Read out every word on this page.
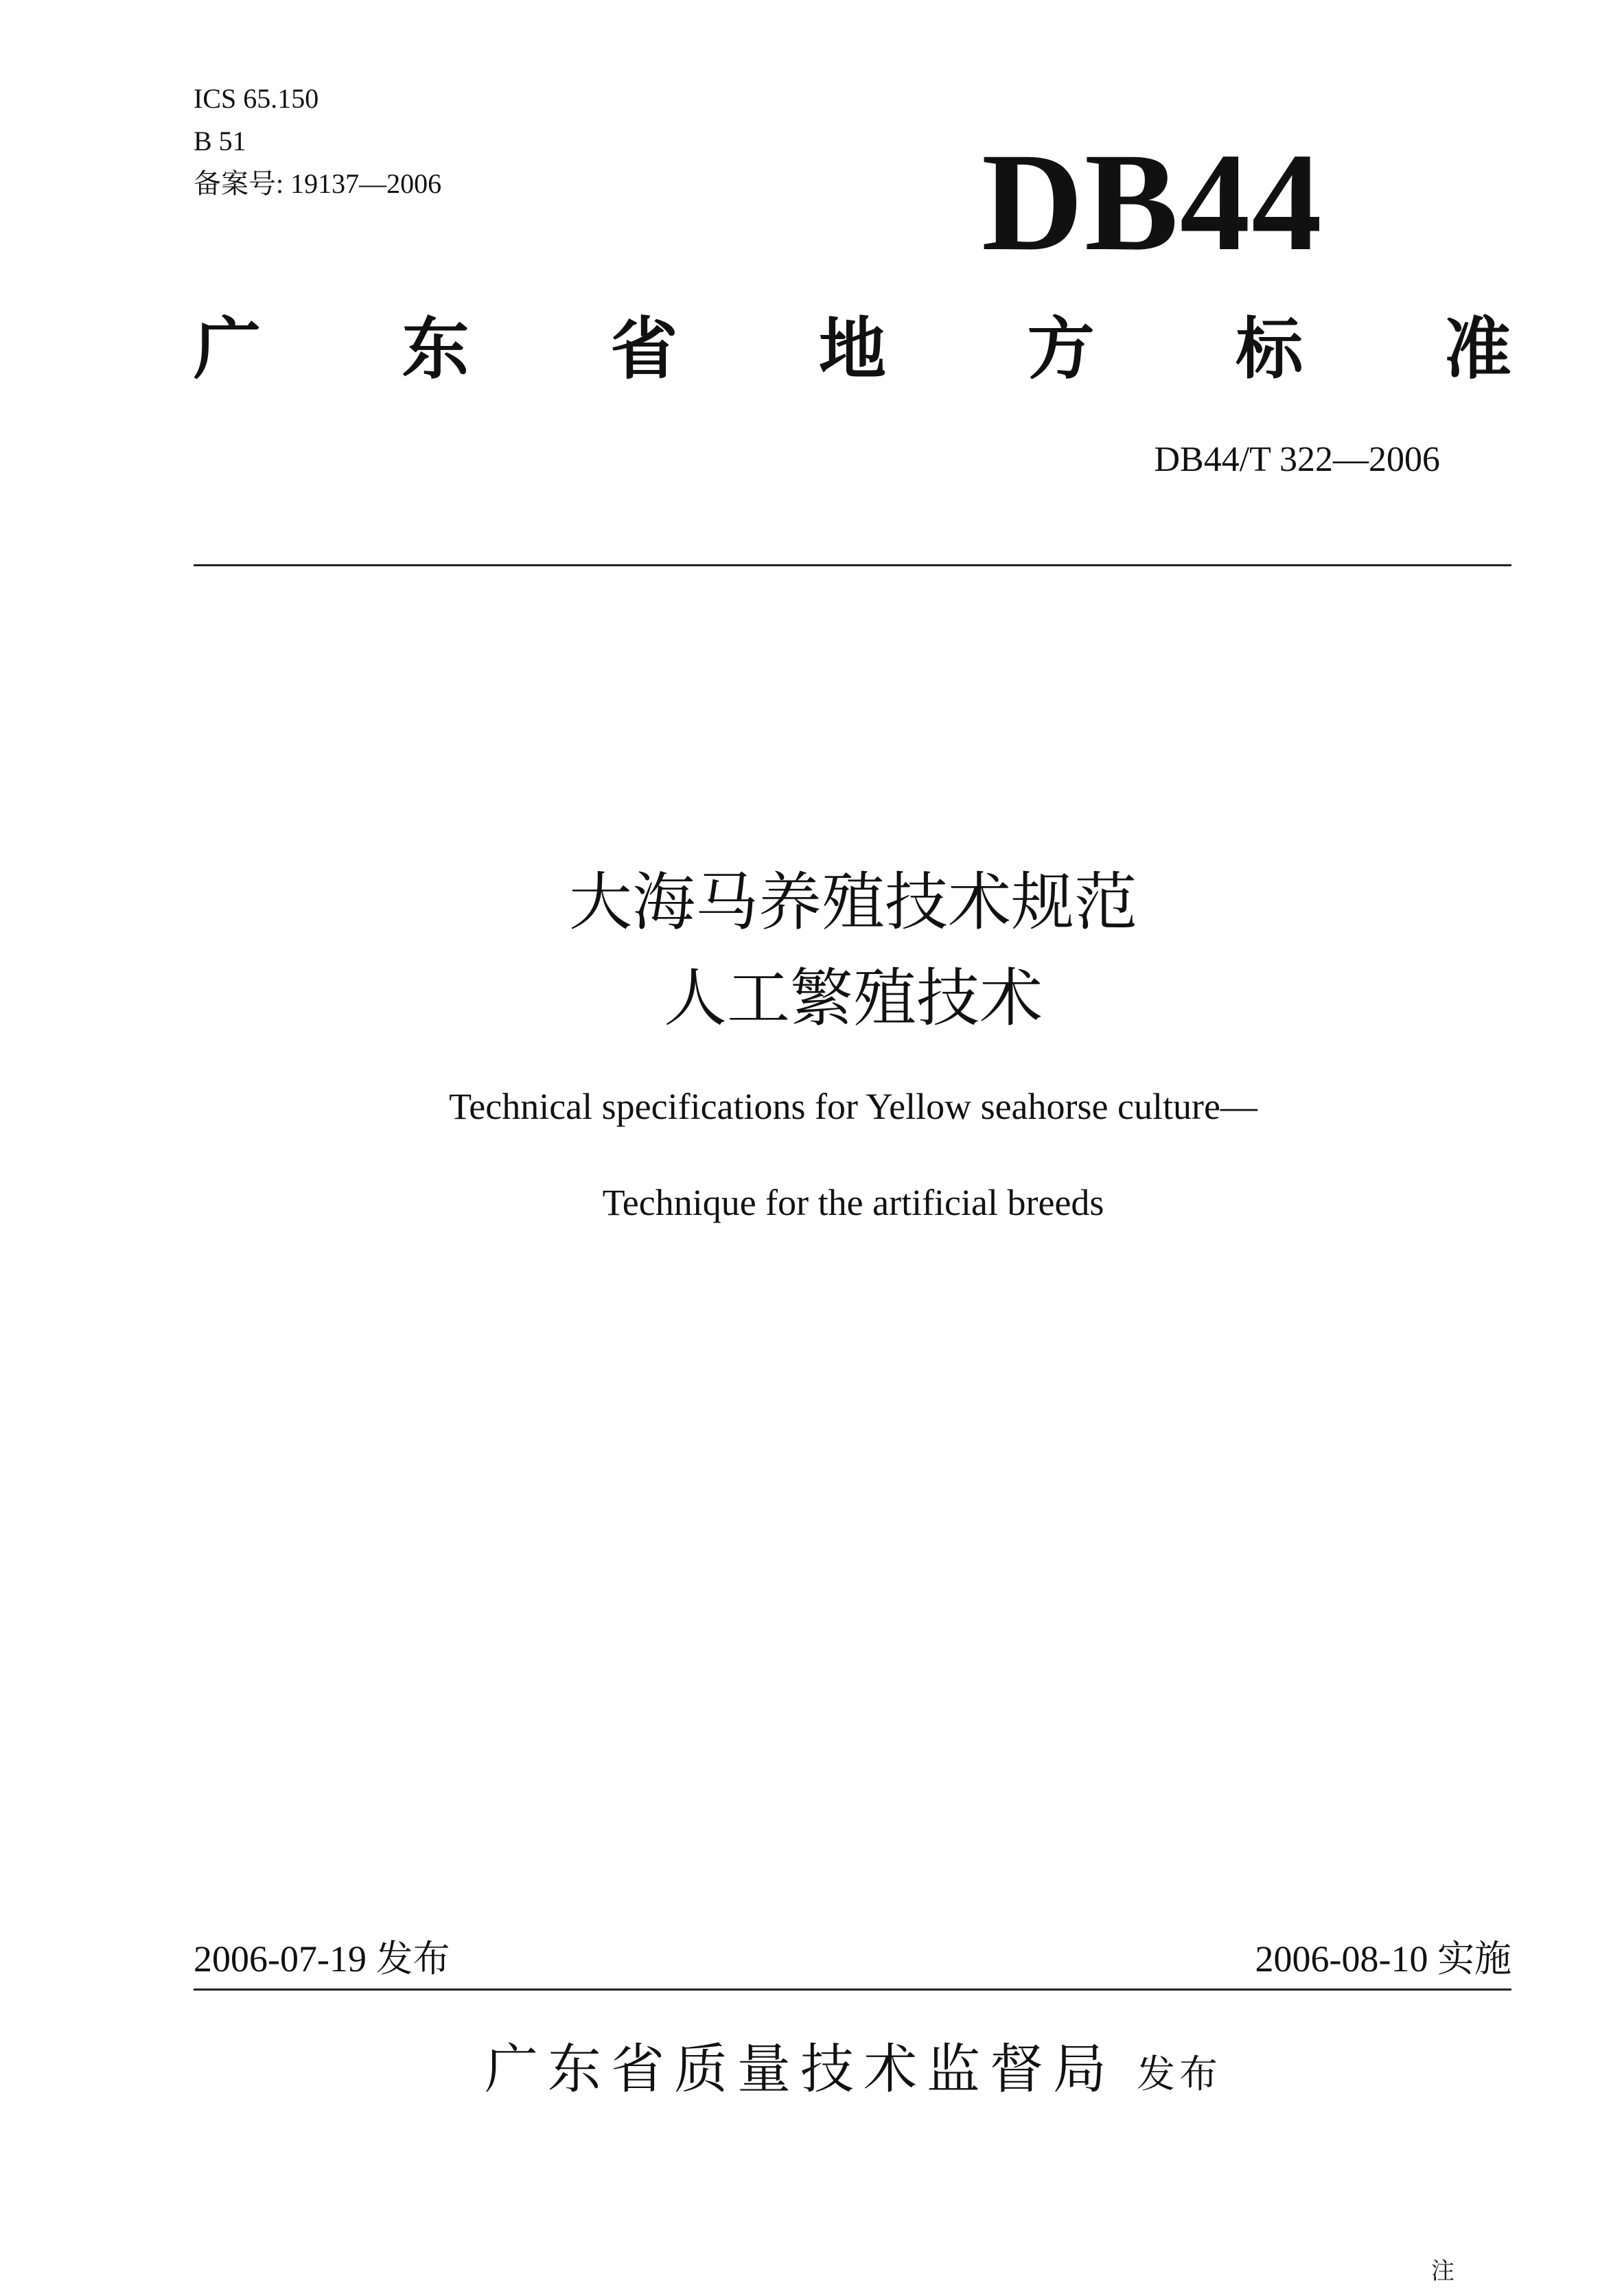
ICS 65.150
B 51
备案号: 19137—2006	DB44
广 东 省 地 方 标 准
DB44/T 322—2006
大海马养殖技术规范
人工繁殖技术
Technical specifications for Yellow seahorse culture—
Technique for the artificial breeds
2006-07-19 发布	2006-08-10 实施
广东省质量技术监督局 发布
注
